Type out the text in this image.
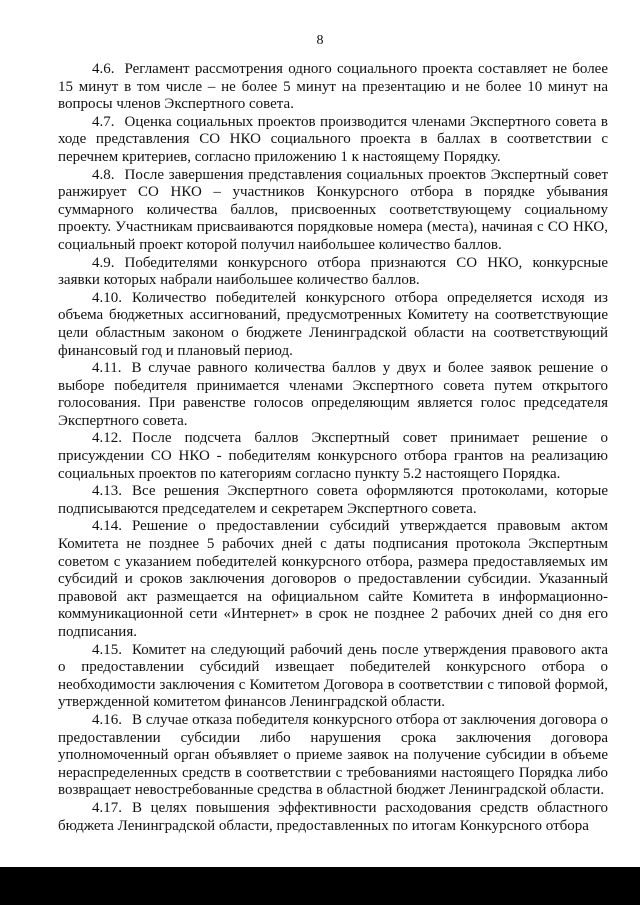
8

4.6. Регламент рассмотрения одного социального проекта составляет не более 15 минут в том числе – не более 5 минут на презентацию и не более 10 минут на вопросы членов Экспертного совета.

4.7. Оценка социальных проектов производится членами Экспертного совета в ходе представления СО НКО социального проекта в баллах в соответствии с перечнем критериев, согласно приложению 1 к настоящему Порядку.

4.8. После завершения представления социальных проектов Экспертный совет ранжирует СО НКО – участников Конкурсного отбора в порядке убывания суммарного количества баллов, присвоенных соответствующему социальному проекту. Участникам присваиваются порядковые номера (места), начиная с СО НКО, социальный проект которой получил наибольшее количество баллов.

4.9. Победителями конкурсного отбора признаются СО НКО, конкурсные заявки которых набрали наибольшее количество баллов.

4.10. Количество победителей конкурсного отбора определяется исходя из объема бюджетных ассигнований, предусмотренных Комитету на соответствующие цели областным законом о бюджете Ленинградской области на соответствующий финансовый год и плановый период.

4.11. В случае равного количества баллов у двух и более заявок решение о выборе победителя принимается членами Экспертного совета путем открытого голосования. При равенстве голосов определяющим является голос председателя Экспертного совета.

4.12. После подсчета баллов Экспертный совет принимает решение о присуждении СО НКО - победителям конкурсного отбора грантов на реализацию социальных проектов по категориям согласно пункту 5.2 настоящего Порядка.

4.13. Все решения Экспертного совета оформляются протоколами, которые подписываются председателем и секретарем Экспертного совета.

4.14. Решение о предоставлении субсидий утверждается правовым актом Комитета не позднее 5 рабочих дней с даты подписания протокола Экспертным советом с указанием победителей конкурсного отбора, размера предоставляемых им субсидий и сроков заключения договоров о предоставлении субсидии. Указанный правовой акт размещается на официальном сайте Комитета в информационно-коммуникационной сети «Интернет» в срок не позднее 2 рабочих дней со дня его подписания.

4.15. Комитет на следующий рабочий день после утверждения правового акта о предоставлении субсидий извещает победителей конкурсного отбора о необходимости заключения с Комитетом Договора в соответствии с типовой формой, утвержденной комитетом финансов Ленинградской области.

4.16. В случае отказа победителя конкурсного отбора от заключения договора о предоставлении субсидии либо нарушения срока заключения договора уполномоченный орган объявляет о приеме заявок на получение субсидии в объеме нераспределенных средств в соответствии с требованиями настоящего Порядка либо возвращает невостребованные средства в областной бюджет Ленинградской области.

4.17. В целях повышения эффективности расходования средств областного бюджета Ленинградской области, предоставленных по итогам Конкурсного отбора
